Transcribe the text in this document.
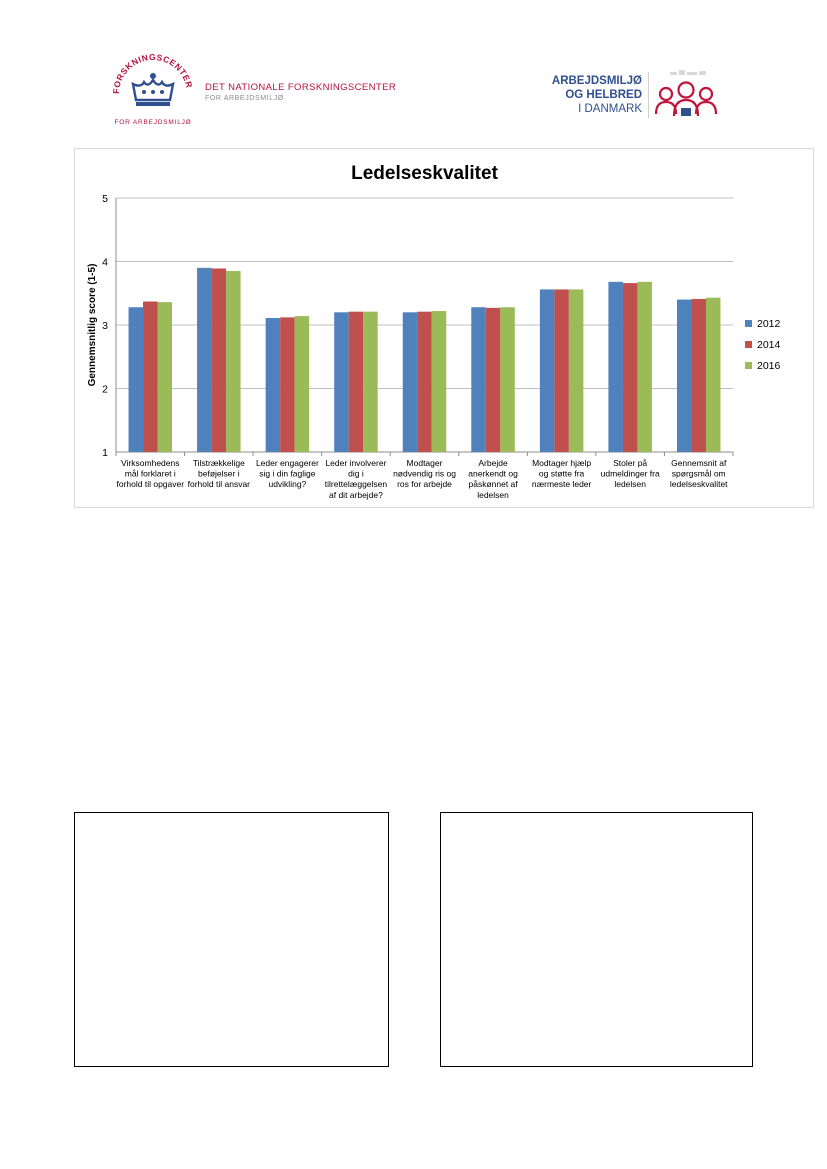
FORSKNINGSCENTER
FOR ARBEJDSMILJØ
DET NATIONALE FORSKNINGSCENTER
FOR ARBEJDSMILJØ
ARBEJDSMILJØ
OG HELBRED
I DANMARK
Ledelseskvalitet
1
2
3
4
5
Gennemsnitlig score (1-5)
Virksomhedens mål forklaret i forhold til opgaver
Tilstrækkelige beføjelser i forhold til ansvar
Leder engagerer sig i din faglige udvikling?
Leder involverer dig i tilrettelæggelsen af dit arbejde?
Modtager nødvendig ris og ros for arbejde
Arbejde anerkendt og påskønnet af ledelsen
Modtager hjælp og støtte fra nærmeste leder
Stoler på udmeldinger fra ledelsen
Gennemsnit af spørgsmål om ledelseskvalitet
2012
2014
2016
